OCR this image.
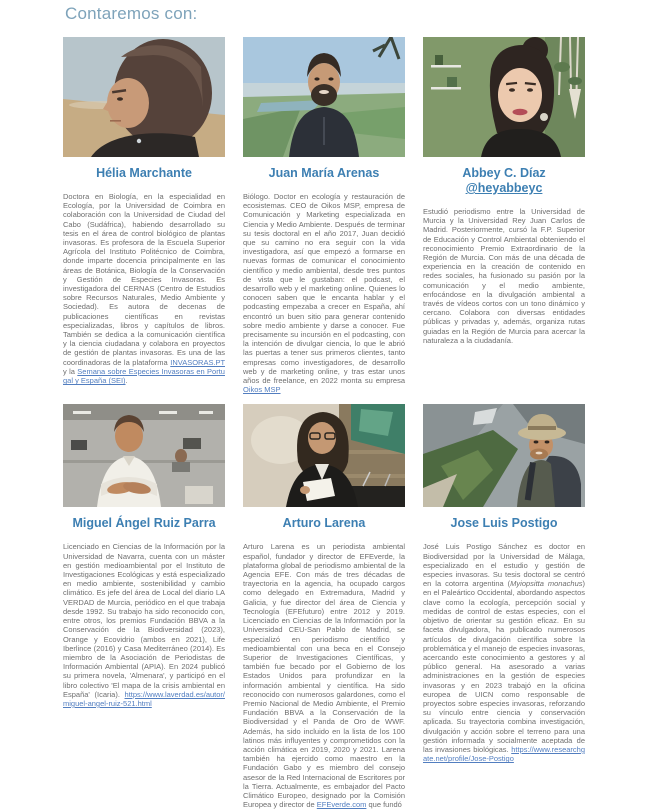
Contaremos con:
Hélia Marchante

Doctora en Biología, en la especialidad en Ecología, por la Universidad de Coimbra en colaboración con la Universidad de Ciudad del Cabo (Sudáfrica), habiendo desarrollado su tesis en el área de control biológico de plantas invasoras. Es profesora de la Escuela Superior Agrícola del Instituto Politécnico de Coimbra, donde imparte docencia principalmente en las áreas de Botánica, Biología de la Conservación y Gestión de Especies Invasoras. Es investigadora del CERNAS (Centro de Estudios sobre Recursos Naturales, Medio Ambiente y Sociedad). Es autora de decenas de publicaciones científicas en revistas especializadas, libros y capítulos de libros. También se dedica a la comunicación científica y la ciencia ciudadana y colabora en proyectos de gestión de plantas invasoras. Es una de las coordinadoras de la plataforma INVASORAS.PT y la Semana sobre Especies Invasoras en Portugal y España (SEI).

Juan María Arenas

Biólogo. Doctor en ecología y restauración de ecosistemas. CEO de Oikos MSP, empresa de Comunicación y Marketing especializada en Ciencia y Medio Ambiente. Después de terminar su tesis doctoral en el año 2017, Juan decidió que su camino no era seguir con la vida investigadora, así que empezó a formarse en nuevas formas de comunicar el conocimiento científico y medio ambiental, desde tres puntos de vista que le gustaban: el podcast, el desarrollo web y el marketing online. Quienes lo conocen saben que le encanta hablar y el podcasting empezaba a crecer en España, ahí encontró un buen sitio para generar contenido sobre medio ambiente y darse a conocer. Fue precisamente su incursión en el podcasting, con la intención de divulgar ciencia, lo que le abrió las puertas a tener sus primeros clientes, tanto empresas como investigadores, de desarrollo web y de marketing online, y tras estar unos años de freelance, en 2022 monta su empresa Oikos MSP

Abbey C. Díaz @heyabbeyc

Estudió periodismo entre la Universidad de Murcia y la Universidad Rey Juan Carlos de Madrid. Posteriormente, cursó la F.P. Superior de Educación y Control Ambiental obteniendo el reconocimiento Premio Extraordinario de la Región de Murcia. Con más de una década de experiencia en la creación de contenido en redes sociales, ha fusionado su pasión por la comunicación y el medio ambiente, enfocándose en la divulgación ambiental a través de vídeos cortos con un tono dinámico y cercano. Colabora con diversas entidades públicas y privadas y, además, organiza rutas guiadas en la Región de Murcia para acercar la naturaleza a la ciudadanía.

Miguel Ángel Ruiz Parra

Licenciado en Ciencias de la Información por la Universidad de Navarra, cuenta con un máster en gestión medioambiental por el Instituto de Investigaciones Ecológicas y está especializado en medio ambiente, sostenibilidad y cambio climático. Es jefe del área de Local del diario LA VERDAD de Murcia, periódico en el que trabaja desde 1992. Su trabajo ha sido reconocido con, entre otros, los premios Fundación BBVA a la Conservación de la Biodiversidad (2023), Orange y Ecovidrio (ambos en 2021), Life Iberlince (2016) y Casa Mediterráneo (2014). Es miembro de la Asociación de Periodistas de Información Ambiental (APIA). En 2024 publicó su primera novela, 'Almenara', y participó en el libro colectivo 'El mapa de la crisis ambiental en España' (Icaria). https://www.laverdad.es/autor/miguel-angel-ruiz-521.html

Arturo Larena

Arturo Larena es un periodista ambiental español, fundador y director de EFEverde, la plataforma global de periodismo ambiental de la Agencia EFE. Con más de tres décadas de trayectoria en la agencia, ha ocupado cargos como delegado en Extremadura, Madrid y Galicia, y fue director del área de Ciencia y Tecnología (EFEfuturo) entre 2012 y 2019. Licenciado en Ciencias de la Información por la Universidad CEU-San Pablo de Madrid, se especializó en periodismo científico y medioambiental con una beca en el Consejo Superior de Investigaciones Científicas, y también fue becado por el Gobierno de los Estados Unidos para profundizar en la información ambiental y científica. Ha sido reconocido con numerosos galardones, como el Premio Nacional de Medio Ambiente, el Premio Fundación BBVA a la Conservación de la Biodiversidad y el Panda de Oro de WWF. Además, ha sido incluido en la lista de los 100 latinos más influyentes y comprometidos con la acción climática en 2019, 2020 y 2021. Larena también ha ejercido como maestro en la Fundación Gabo y es miembro del consejo asesor de la Red Internacional de Escritores por la Tierra. Actualmente, es embajador del Pacto Climático Europeo, designado por la Comisión Europea y director de EFEverde.com que fundó

Jose Luis Postigo

José Luis Postigo Sánchez es doctor en Biodiversidad por la Universidad de Málaga, especializado en el estudio y gestión de especies invasoras. Su tesis doctoral se centró en la cotorra argentina (Myiopsitta monachus) en el Paleártico Occidental, abordando aspectos clave como la ecología, percepción social y medidas de control de estas especies, con el objetivo de orientar su gestión eficaz. En su faceta divulgadora, ha publicado numerosos artículos de divulgación científica sobre la problemática y el manejo de especies invasoras, acercando este conocimiento a gestores y al público general. Ha asesorado a varias administraciones en la gestión de especies invasoras y en 2023 trabajó en la oficina europea de UICN como responsable de proyectos sobre especies invasoras, reforzando su vínculo entre ciencia y conservación aplicada. Su trayectoria combina investigación, divulgación y acción sobre el terreno para una gestión informada y socialmente aceptada de las invasiones biológicas. https://www.researchgate.net/profile/Jose-Postigo
